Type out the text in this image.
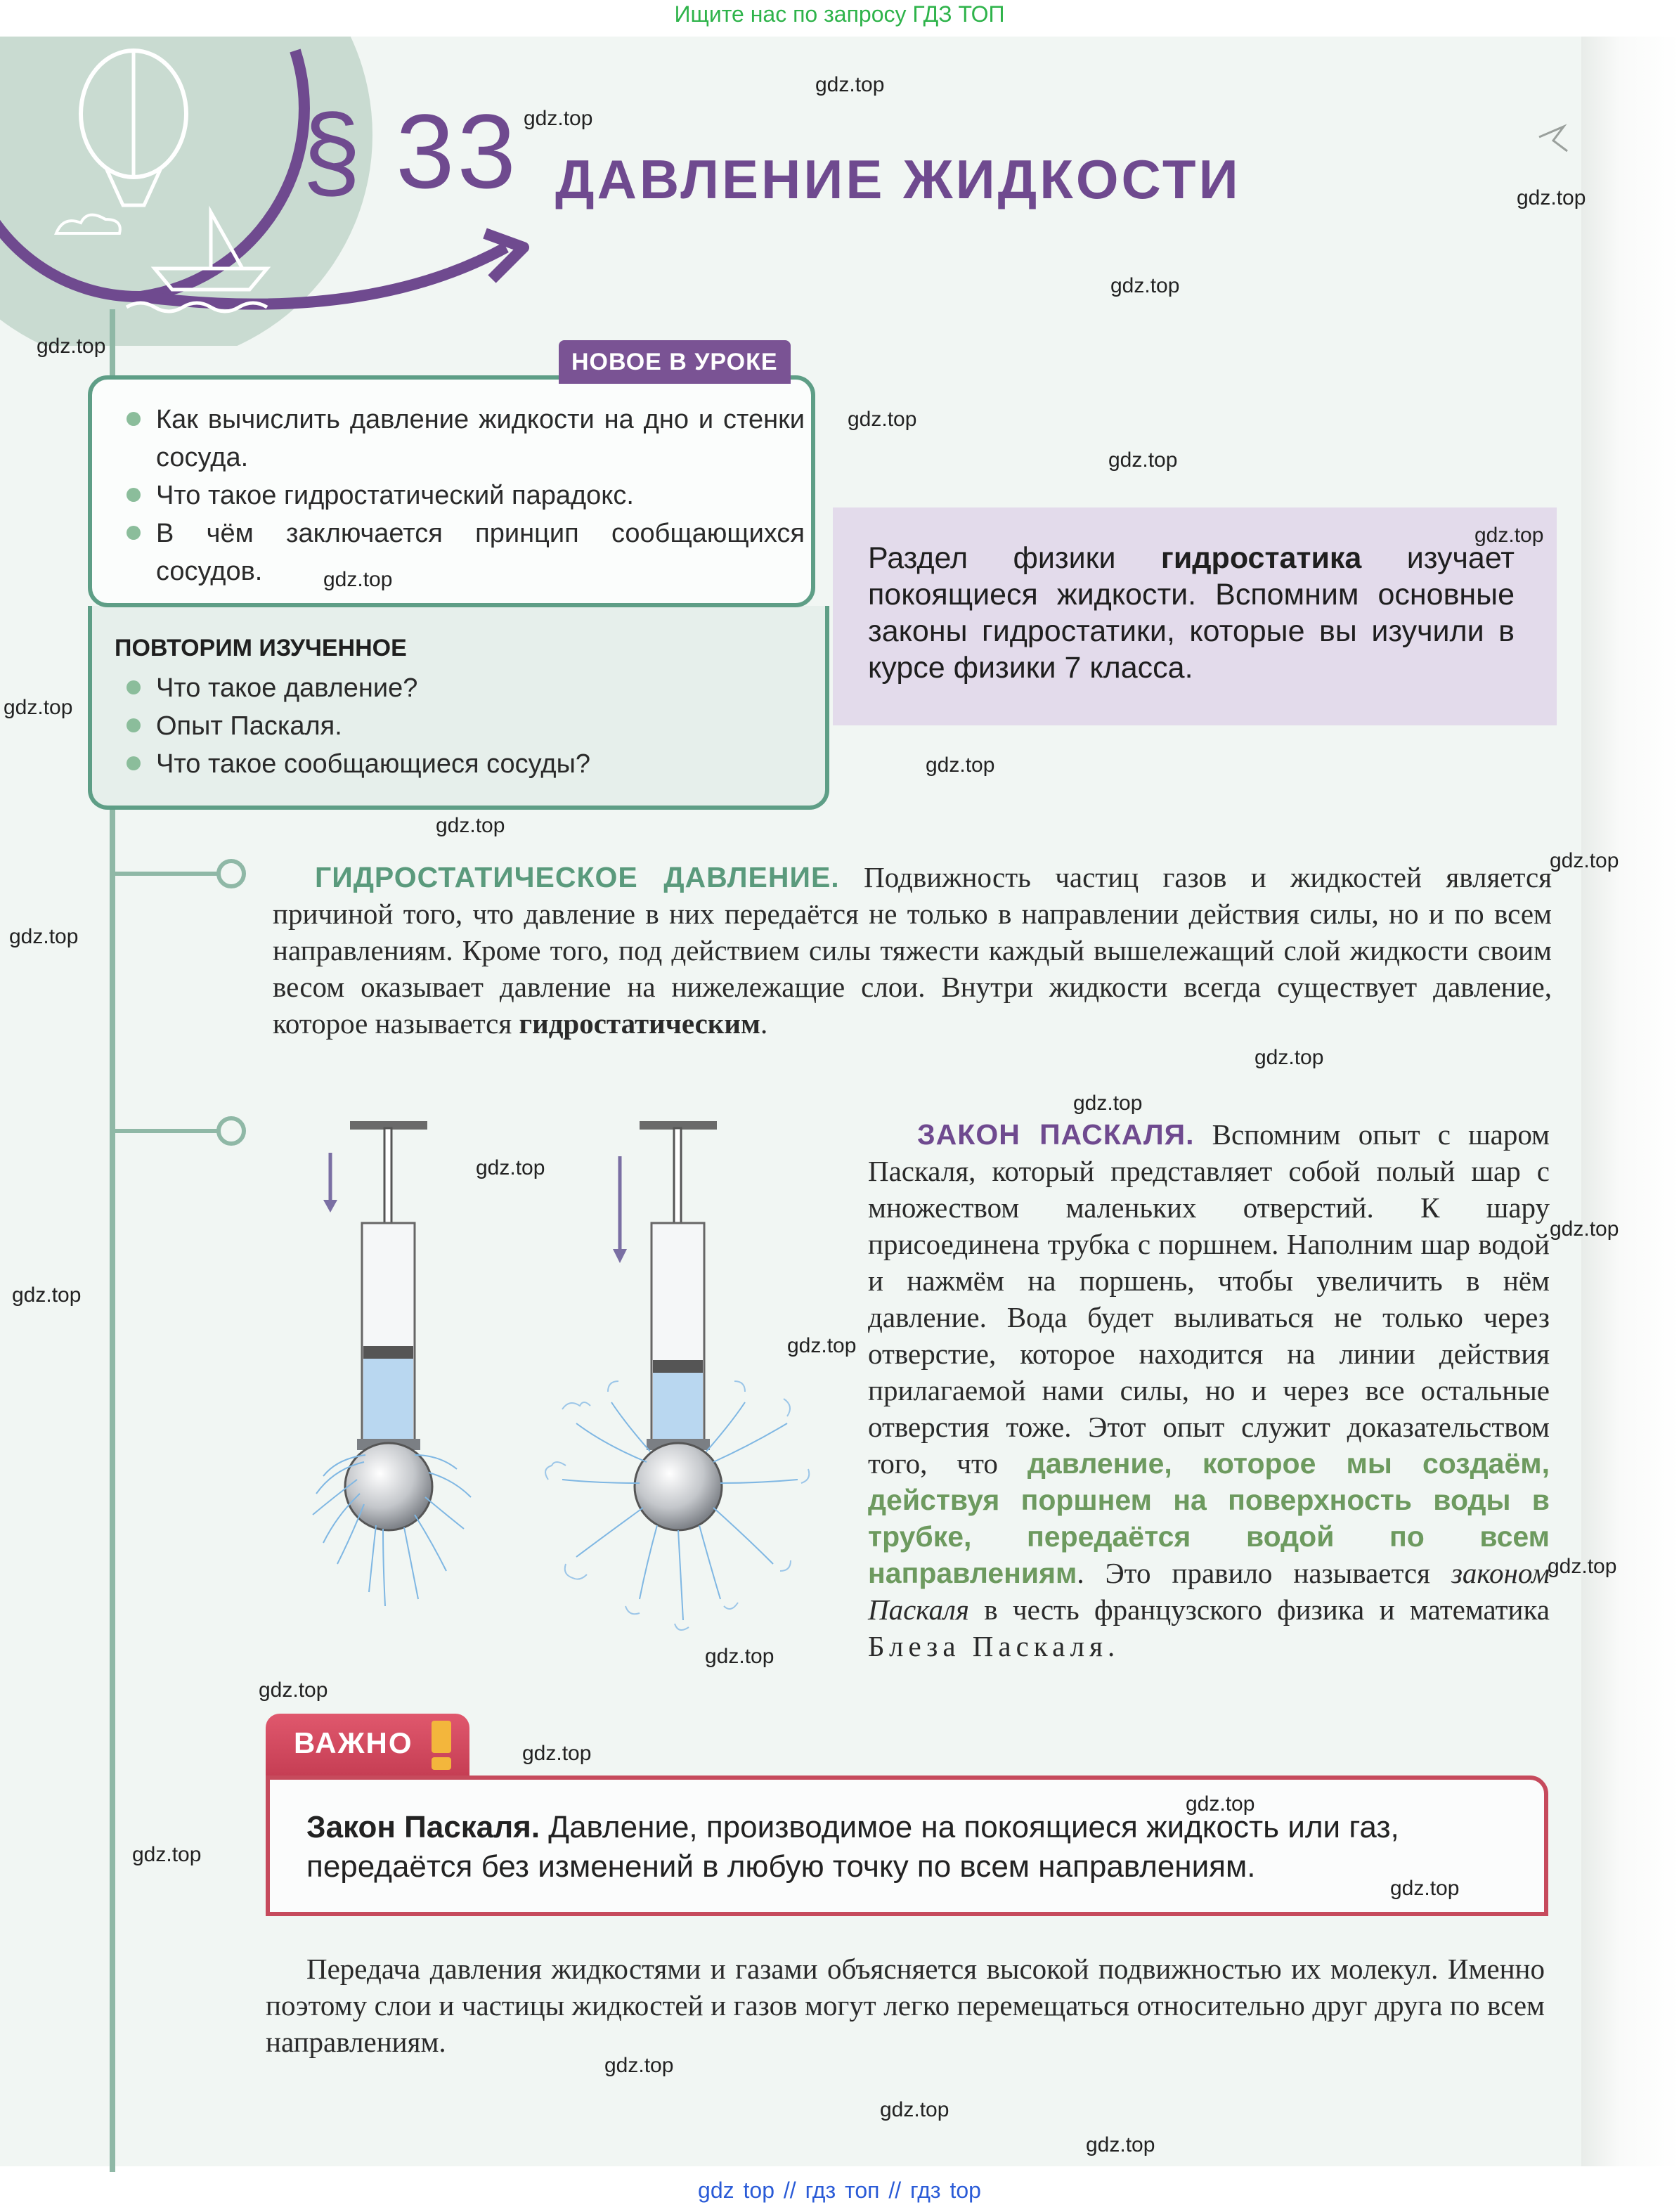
Ищите нас по запросу ГДЗ ТОП
§ 33 ДАВЛЕНИЕ ЖИДКОСТИ
Раздел физики гидростатика изучает покоящиеся жидкости. Вспомним основные законы гидростатики, которые вы изучили в курсе физики 7 класса.
НОВОЕ В УРОКЕ
Как вычислить давление жидкости на дно и стенки сосуда.
Что такое гидростатический парадокс.
В чём заключается принцип сообщающихся сосудов.
ПОВТОРИМ ИЗУЧЕННОЕ
Что такое давление?
Опыт Паскаля.
Что такое сообщающиеся сосуды?
ГИДРОСТАТИЧЕСКОЕ ДАВЛЕНИЕ. Подвижность частиц газов и жидкостей является причиной того, что давление в них передаётся не только в направлении действия силы, но и по всем направлениям. Кроме того, под действием силы тяжести каждый вышележащий слой жидкости своим весом оказывает давление на нижележащие слои. Внутри жидкости всегда существует давление, которое называется гидростатическим.
ЗАКОН ПАСКАЛЯ. Вспомним опыт с шаром Паскаля, который представляет собой полый шар с множеством маленьких отверстий. К шару присоединена трубка с поршнем. Наполним шар водой и нажмём на поршень, чтобы увеличить в нём давление. Вода будет выливаться не только через отверстие, которое находится на линии действия прилагаемой нами силы, но и через все остальные отверстия тоже. Этот опыт служит доказательством того, что давление, которое мы создаём, действуя поршнем на поверхность воды в трубке, передаётся водой по всем направлениям. Это правило называется законом Паскаля в честь французского физика и математика Блеза Паскаля.
ВАЖНО
Закон Паскаля. Давление, производимое на покоящиеся жидкость или газ, передаётся без изменений в любую точку по всем направлениям.
Передача давления жидкостями и газами объясняется высокой подвижностью их молекул. Именно поэтому слои и частицы жидкостей и газов могут легко перемещаться относительно друг друга по всем направлениям.
gdz.top
gdz.top
gdz.top
gdz.top
gdz.top
gdz.top
gdz.top
gdz.top
gdz.top
gdz.top
gdz.top
gdz.top
gdz.top
gdz.top
gdz.top
gdz.top
gdz.top
gdz.top
gdz.top
gdz.top
gdz.top
gdz.top
gdz.top
gdz.top
gdz.top
gdz.top
gdz.top
gdz.top
gdz.top
gdz.top
gdz top // гдз топ // гдз top
